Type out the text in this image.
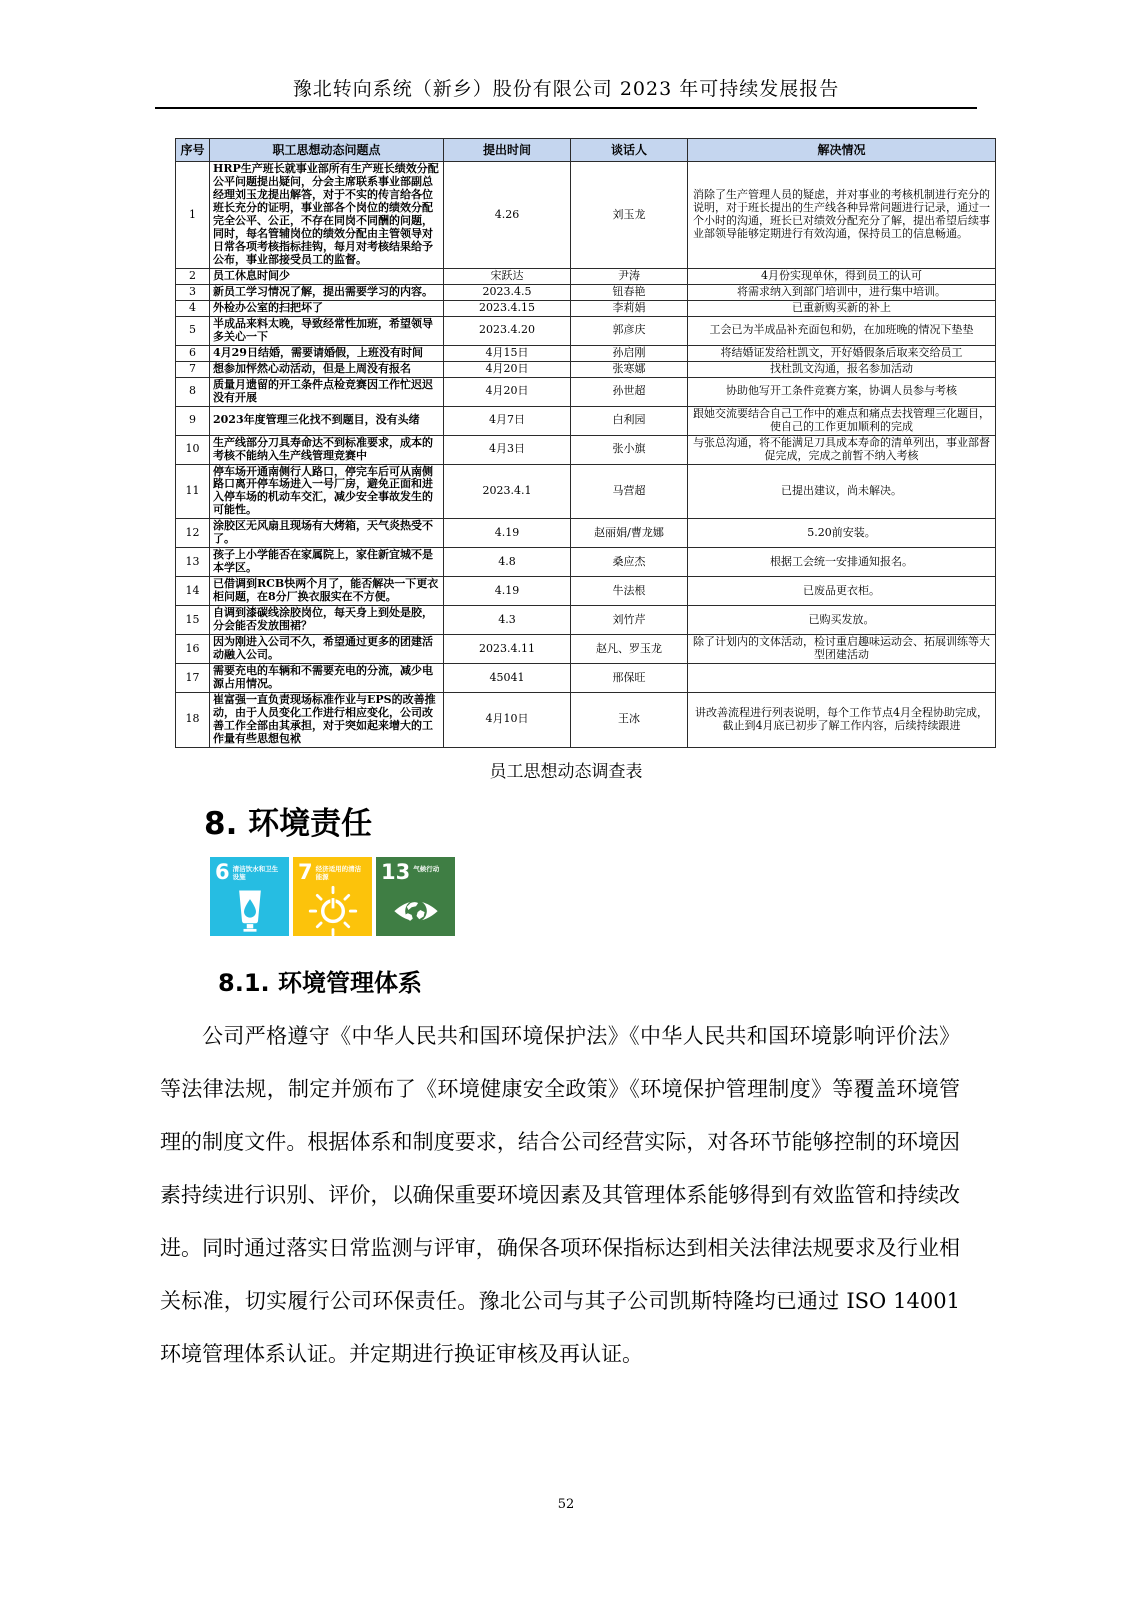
豫北转向系统（新乡）股份有限公司 2023 年可持续发展报告
序号	职工思想动态问题点	提出时间	谈话人	解决情况
1	HRP生产班长就事业部所有生产班长绩效分配公平问题提出疑问，分会主席联系事业部副总经理刘玉龙提出解答，对于不实的传言给各位班长充分的证明，事业部各个岗位的绩效分配完全公平、公正，不存在同岗不同酬的问题，同时，每名管辅岗位的绩效分配由主管领导对日常各项考核指标挂钩，每月对考核结果给予公布，事业部接受员工的监督。	4.26	刘玉龙	消除了生产管理人员的疑虑，并对事业的考核机制进行充分的说明，对于班长提出的生产线各种异常问题进行记录，通过一个小时的沟通，班长已对绩效分配充分了解，提出希望后续事业部领导能够定期进行有效沟通，保持员工的信息畅通。
2	员工休息时间少	宋跃达	尹涛	4月份实现单休，得到员工的认可
3	新员工学习情况了解，提出需要学习的内容。	2023.4.5	钮春艳	将需求纳入到部门培训中，进行集中培训。
4	外检办公室的扫把坏了	2023.4.15	李莉娟	已重新购买新的补上
5	半成品来料太晚，导致经常性加班，希望领导多关心一下	2023.4.20	郭彦庆	工会已为半成品补充面包和奶，在加班晚的情况下垫垫
6	4月29日结婚，需要请婚假，上班没有时间	4月15日	孙启刚	将结婚证发给杜凯文，开好婚假条后取来交给员工
7	想参加怦然心动活动，但是上周没有报名	4月20日	张寒娜	找杜凯文沟通，报名参加活动
8	质量月遗留的开工条件点检竞赛因工作忙迟迟没有开展	4月20日	孙世超	协助他写开工条件竞赛方案，协调人员参与考核
9	2023年度管理三化找不到题目，没有头绪	4月7日	白利园	跟她交流要结合自己工作中的难点和痛点去找管理三化题目，使自己的工作更加顺利的完成
10	生产线部分刀具寿命达不到标准要求，成本的考核不能纳入生产线管理竞赛中	4月3日	张小旗	与张总沟通，将不能满足刀具成本寿命的清单列出，事业部督促完成，完成之前暂不纳入考核
11	停车场开通南侧行人路口，停完车后可从南侧路口离开停车场进入一号厂房，避免正面和进入停车场的机动车交汇，减少安全事故发生的可能性。	2023.4.1	马营超	已提出建议，尚未解决。
12	涂胶区无风扇且现场有大烤箱，天气炎热受不了。	4.19	赵丽娟/曹龙娜	5.20前安装。
13	孩子上小学能否在家属院上，家住新宜城不是本学区。	4.8	桑应杰	根据工会统一安排通知报名。
14	已借调到RCB快两个月了，能否解决一下更衣柜问题，在8分厂换衣服实在不方便。	4.19	牛法根	已废品更衣柜。
15	自调到漆碳线涂胶岗位，每天身上到处是胶，分会能否发放围裙？	4.3	刘竹芹	已购买发放。
16	因为刚进入公司不久，希望通过更多的团建活动融入公司。	2023.4.11	赵凡、罗玉龙	除了计划内的文体活动，检讨重启趣味运动会、拓展训练等大型团建活动
17	需要充电的车辆和不需要充电的分流，减少电源占用情况。	45041	邢保旺	
18	崔富强一直负责现场标准作业与EPS的改善推动，由于人员变化工作进行相应变化，公司改善工作全部由其承担，对于突如起来增大的工作量有些思想包袱	4月10日	王冰	讲改善流程进行列表说明，每个工作节点4月全程协助完成，截止到4月底已初步了解工作内容，后续持续跟进
员工思想动态调查表
8. 环境责任
6 清洁饮水和卫生设施	7 经济适用的清洁能源	13 气候行动
8.1. 环境管理体系
公司严格遵守《中华人民共和国环境保护法》《中华人民共和国环境影响评价法》等法律法规，制定并颁布了《环境健康安全政策》《环境保护管理制度》等覆盖环境管理的制度文件。根据体系和制度要求，结合公司经营实际，对各环节能够控制的环境因素持续进行识别、评价，以确保重要环境因素及其管理体系能够得到有效监管和持续改进。同时通过落实日常监测与评审，确保各项环保指标达到相关法律法规要求及行业相关标准，切实履行公司环保责任。豫北公司与其子公司凯斯特隆均已通过 ISO 14001 环境管理体系认证。并定期进行换证审核及再认证。
52
